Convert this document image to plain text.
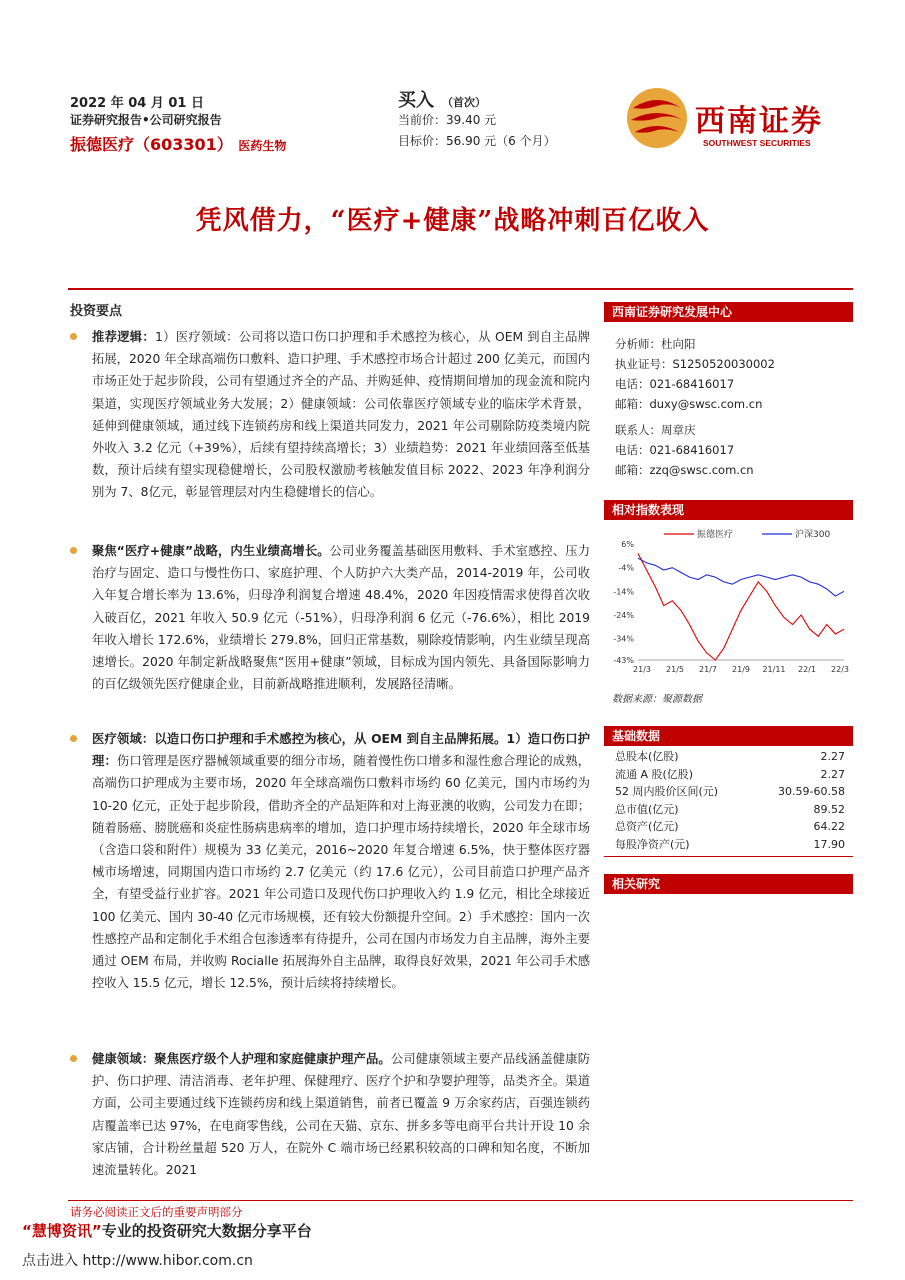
2022 年 04 月 01 日
证券研究报告•公司研究报告
振德医疗（603301） 医药生物
买入 （首次）
当前价：39.40 元
目标价：56.90 元（6 个月）
西南证券
SOUTHWEST SECURITIES
凭风借力，“医疗+健康”战略冲刺百亿收入
投资要点
推荐逻辑：1）医疗领域：公司将以造口伤口护理和手术感控为核心，从 OEM 到自主品牌拓展，2020 年全球高端伤口敷料、造口护理、手术感控市场合计超过 200 亿美元，而国内市场正处于起步阶段，公司有望通过齐全的产品、并购延伸、疫情期间增加的现金流和院内渠道，实现医疗领域业务大发展；2）健康领域：公司依靠医疗领域专业的临床学术背景，延伸到健康领域，通过线下连锁药房和线上渠道共同发力，2021 年公司剔除防疫类境内院外收入 3.2 亿元（+39%），后续有望持续高增长；3）业绩趋势：2021 年业绩回落至低基数，预计后续有望实现稳健增长，公司股权激励考核触发值目标 2022、2023 年净利润分别为 7、8亿元，彰显管理层对内生稳健增长的信心。
聚焦“医疗+健康”战略，内生业绩高增长。公司业务覆盖基础医用敷料、手术室感控、压力治疗与固定、造口与慢性伤口、家庭护理、个人防护六大类产品，2014-2019 年，公司收入年复合增长率为 13.6%，归母净利润复合增速 48.4%，2020 年因疫情需求使得首次收入破百亿，2021 年收入 50.9 亿元（-51%），归母净利润 6 亿元（-76.6%），相比 2019 年收入增长 172.6%，业绩增长 279.8%，回归正常基数，剔除疫情影响，内生业绩呈现高速增长。2020 年制定新战略聚焦“医用+健康”领域，目标成为国内领先、具备国际影响力的百亿级领先医疗健康企业，目前新战略推进顺利，发展路径清晰。
医疗领域：以造口伤口护理和手术感控为核心，从 OEM 到自主品牌拓展。1）造口伤口护理：伤口管理是医疗器械领域重要的细分市场，随着慢性伤口增多和湿性愈合理论的成熟，高端伤口护理成为主要市场，2020 年全球高端伤口敷料市场约 60 亿美元，国内市场约为 10-20 亿元，正处于起步阶段，借助齐全的产品矩阵和对上海亚澳的收购，公司发力在即；随着肠癌、膀胱癌和炎症性肠病患病率的增加，造口护理市场持续增长，2020 年全球市场（含造口袋和附件）规模为 33 亿美元，2016~2020 年复合增速 6.5%，快于整体医疗器械市场增速，同期国内造口市场约 2.7 亿美元（约 17.6 亿元），公司目前造口护理产品齐全，有望受益行业扩容。2021 年公司造口及现代伤口护理收入约 1.9 亿元，相比全球接近 100 亿美元、国内 30-40 亿元市场规模，还有较大份额提升空间。2）手术感控：国内一次性感控产品和定制化手术组合包渗透率有待提升，公司在国内市场发力自主品牌，海外主要通过 OEM 布局，并收购 Rocialle 拓展海外自主品牌，取得良好效果，2021 年公司手术感控收入 15.5 亿元，增长 12.5%，预计后续将持续增长。
健康领域：聚焦医疗级个人护理和家庭健康护理产品。公司健康领域主要产品线涵盖健康防护、伤口护理、清洁消毒、老年护理、保健理疗、医疗个护和孕婴护理等，品类齐全。渠道方面，公司主要通过线下连锁药房和线上渠道销售，前者已覆盖 9 万余家药店，百强连锁药店覆盖率已达 97%，在电商零售线，公司在天猫、京东、拼多多等电商平台共计开设 10 余家店铺，合计粉丝量超 520 万人，在院外 C 端市场已经累积较高的口碑和知名度，不断加速流量转化。2021
西南证券研究发展中心
分析师：杜向阳
执业证号：S1250520030002
电话：021-68416017
邮箱：duxy@swsc.com.cn
联系人：周章庆
电话：021-68416017
邮箱：zzq@swsc.com.cn
相对指数表现
振德医疗	沪深300
6%
-4%
-14%
-24%
-34%
-43%
21/3 21/5 21/7 21/9 21/11 22/1 22/3
数据来源：聚源数据
基础数据
总股本(亿股)	2.27
流通 A 股(亿股)	2.27
52 周内股价区间(元)	30.59-60.58
总市值(亿元)	89.52
总资产(亿元)	64.22
每股净资产(元)	17.90
相关研究
请务必阅读正文后的重要声明部分
“慧博资讯”专业的投资研究大数据分享平台
点击进入 http://www.hibor.com.cn
